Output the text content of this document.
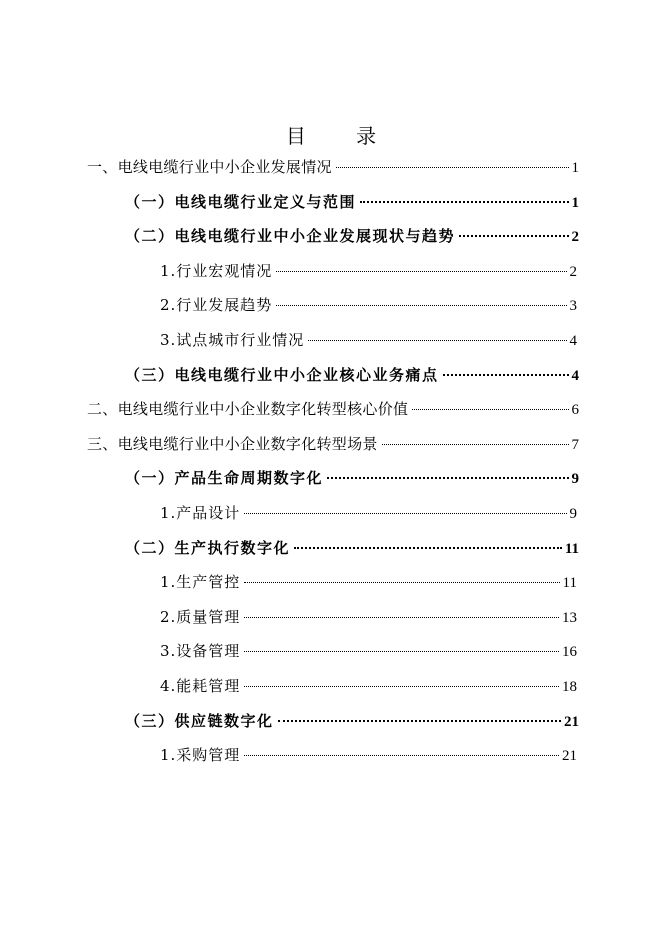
目 录
一、电线电缆行业中小企业发展情况	1
（一）电线电缆行业定义与范围	1
（二）电线电缆行业中小企业发展现状与趋势	2
1.行业宏观情况	2
2.行业发展趋势	3
3.试点城市行业情况	4
（三）电线电缆行业中小企业核心业务痛点	4
二、电线电缆行业中小企业数字化转型核心价值	6
三、电线电缆行业中小企业数字化转型场景	7
（一）产品生命周期数字化	9
1.产品设计	9
（二）生产执行数字化	11
1.生产管控	11
2.质量管理	13
3.设备管理	16
4.能耗管理	18
（三）供应链数字化	21
1.采购管理	21
